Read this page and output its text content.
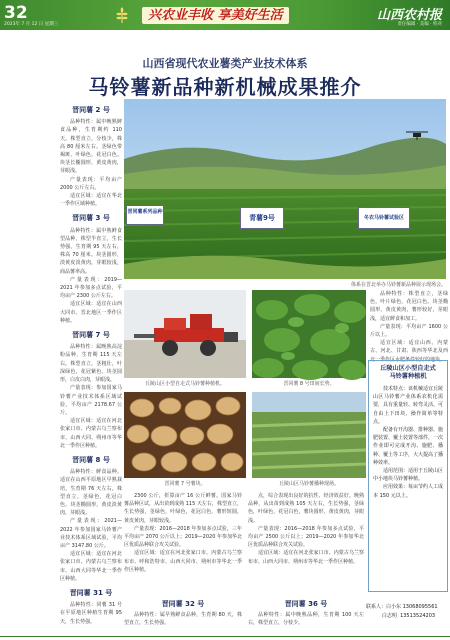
32
2023年 7 月 12 日 星期三
兴农业丰收 享美好生活	山西农村报
责任编辑 · 美编 · 校对
山西省现代农业薯类产业技术体系
马铃薯新品种新机械成果推介
晋同薯 2 号

品种特性：属中晚熟鲜食品种，生育期约 110 天。株型直立，分枝少，株高 80 厘米左右。茎绿色带褐斑，叶绿色，花冠白色。块茎长椭圆形，黄皮黄肉，芽眼浅。

产量表现：平均亩产 2000 公斤左右。

适宜区域：适宜在华北一季作区域种植。

晋同薯 3 号

品种特性：属中熟鲜食型品种，株型半直立，生长势强。生育期 95 天左右，株高 70 厘米。块茎圆形，淡黄皮淡黄肉，芽眼较浅，商品薯率高。

产量表现：2019—2021 年参加多点试验，平均亩产 2300 公斤左右。

适宜区域：适宜在山西大同市、晋北地区一季作区种植。

晋同薯 7 号

品种特性：属晚熟高淀粉品种，生育期 115 天左右。株型直立，茎粗壮，叶深绿色，花冠紫色。块茎圆形，白皮白肉，芽眼浅。

产量表现：参加国家马铃薯产业技术体系区域试验，平均亩产 2178.67 公斤。

适宜区域：适宜在河北张家口市、内蒙古乌兰察布市、山西大同、朔州市等华北一季作区种植。

晋同薯 8 号

品种特性：鲜食品种。适宜在山西平原地区早熟栽培，生育期 76 天左右。株型直立，茎绿色，花冠白色。块茎椭圆形，黄皮淡黄肉，芽眼浅。

产量表现：2021—2022 年参加国家马铃薯产业技术体系区域试验，平均亩产 3147.80 公斤。

适宜区域：适宜在河北张家口市、内蒙古乌兰察布市、山西大同等华北一季作区种植。

晋同薯 31 号

品种特性：同薯 31 号在平原地区种植生育期 95 天，生长势强。

晋同薯系列品种
青薯9号	冬农马铃薯试验区
体系在晋北举办马铃薯新品种展示现场会。
丘陵山区小型自走式马铃薯种植机。	晋同薯 8 号田间长势。

品种特性：株型直立，茎绿色，叶片绿色，花冠白色。块茎椭圆形，黄皮黄肉，薯形较好，芽眼浅，适宜鲜食和加工。

产量表现：平均亩产 1600 公斤以上。

适宜区域：适宜山西、内蒙古、河北、甘肃、陕西等华北及西北一季作区水肥条件较好的地块。

晋同薯 7 号薯块。	丘陵山区马铃薯播种现场。

2300 公斤，折算亩产 16 公斤鲜薯。国家马铃薯品种区试，从出苗到成熟 115 天左右，株型直立，生长势强，茎绿色，叶绿色，花冠白色，薯形短圆，黄皮黄肉，芽眼较浅。

产量表现：2016—2018 年参加多点试验，三年平均亩产 2070 公斤以上；2019—2020 年参加华北区优质品种联合攻关试验。

适宜区域：适宜在河北张家口市、内蒙古乌兰察布市、呼和浩特市、山西大同市、朔州市等华北一季作区种植。

点，综合表现出良好的抗性、经济效益好。晚熟品种，从出苗到成熟 105 天左右，生长势强，茎绿色，叶绿色，花冠白色，薯块圆形，黄皮黄肉，芽眼浅。

产量表现：2016—2018 年参加多点试验，平均亩产 2500 公斤以上；2019—2020 年参加华北区优质品种联合攻关试验。

适宜区域：适宜在河北张家口市、内蒙古乌兰察布市、山西大同市、朔州市等华北一季作区种植。

晋同薯 32 号

品种特性：属早熟鲜食品种，生育期 80 天，株型直立，生长势强。

晋同薯 36 号

品种特性：属中晚熟品种，生育期 100 天左右，株型直立，分枝少。

丘陵山区小型自走式
马铃薯种植机

技术特点：该机械适宜丘陵山区马铃薯产业体系农机化需要，具有重量轻、转弯灵活、可自由上下田块、操作简单等特点。

配备有开沟器、排种器、施肥装置、覆土装置等部件，一次作业即可完成开沟、施肥、播种、覆土等工序，大大提高了播种效率。

适用范围：适用于丘陵山区中小地块马铃薯种植。

应用效果：每亩节约人工成本 150 元以上。

联系人：白小东 13068095561
白志明  13513524203
